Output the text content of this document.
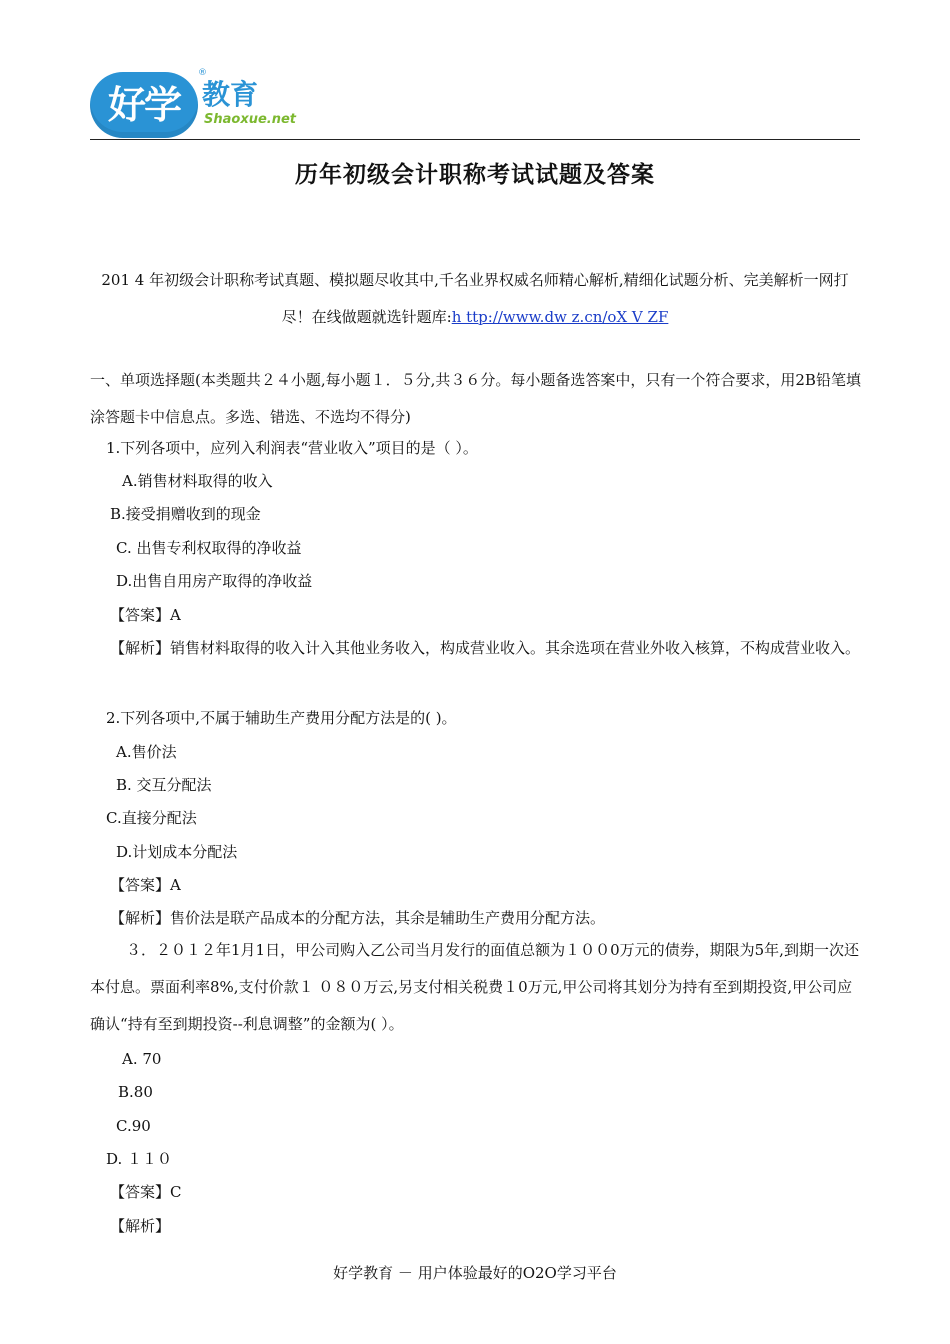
好学
®
教育
Shaoxue.net
历年初级会计职称考试试题及答案
201 4 年初级会计职称考试真题、模拟题尽收其中,千名业界权威名师精心解析,精细化试题分析、完美解析一网打 尽！在线做题就选针题库:h ttp://www.dw z.cn/oX V ZF
一、单项选择题(本类题共２４小题,每小题１．５分,共３６分。每小题备选答案中，只有一个符合要求，用2B铅笔填涂答题卡中信息点。多选、错选、不选均不得分)
1.下列各项中，应列入利润表“营业收入”项目的是（ ）。
A.销售材料取得的收入
B.接受捐赠收到的现金
C. 出售专利权取得的净收益
D.出售自用房产取得的净收益
【答案】A
【解析】销售材料取得的收入计入其他业务收入，构成营业收入。其余选项在营业外收入核算，不构成营业收入。
2.下列各项中,不属于辅助生产费用分配方法是的( )。
A.售价法
B. 交互分配法
C.直接分配法
D.计划成本分配法
【答案】A
【解析】售价法是联产品成本的分配方法，其余是辅助生产费用分配方法。
３．２０１２年1月1日，甲公司购入乙公司当月发行的面值总额为１００0万元的债券，期限为5年,到期一次还本付息。票面利率8%,支付价款１ ０８０万云,另支付相关税费１0万元,甲公司将其划分为持有至到期投资,甲公司应确认“持有至到期投资--利息调整”的金额为( ）。
A. 70
B.80
C.90
D. １１０
【答案】C
【解析】
好学教育 － 用户体验最好的O2O学习平台
